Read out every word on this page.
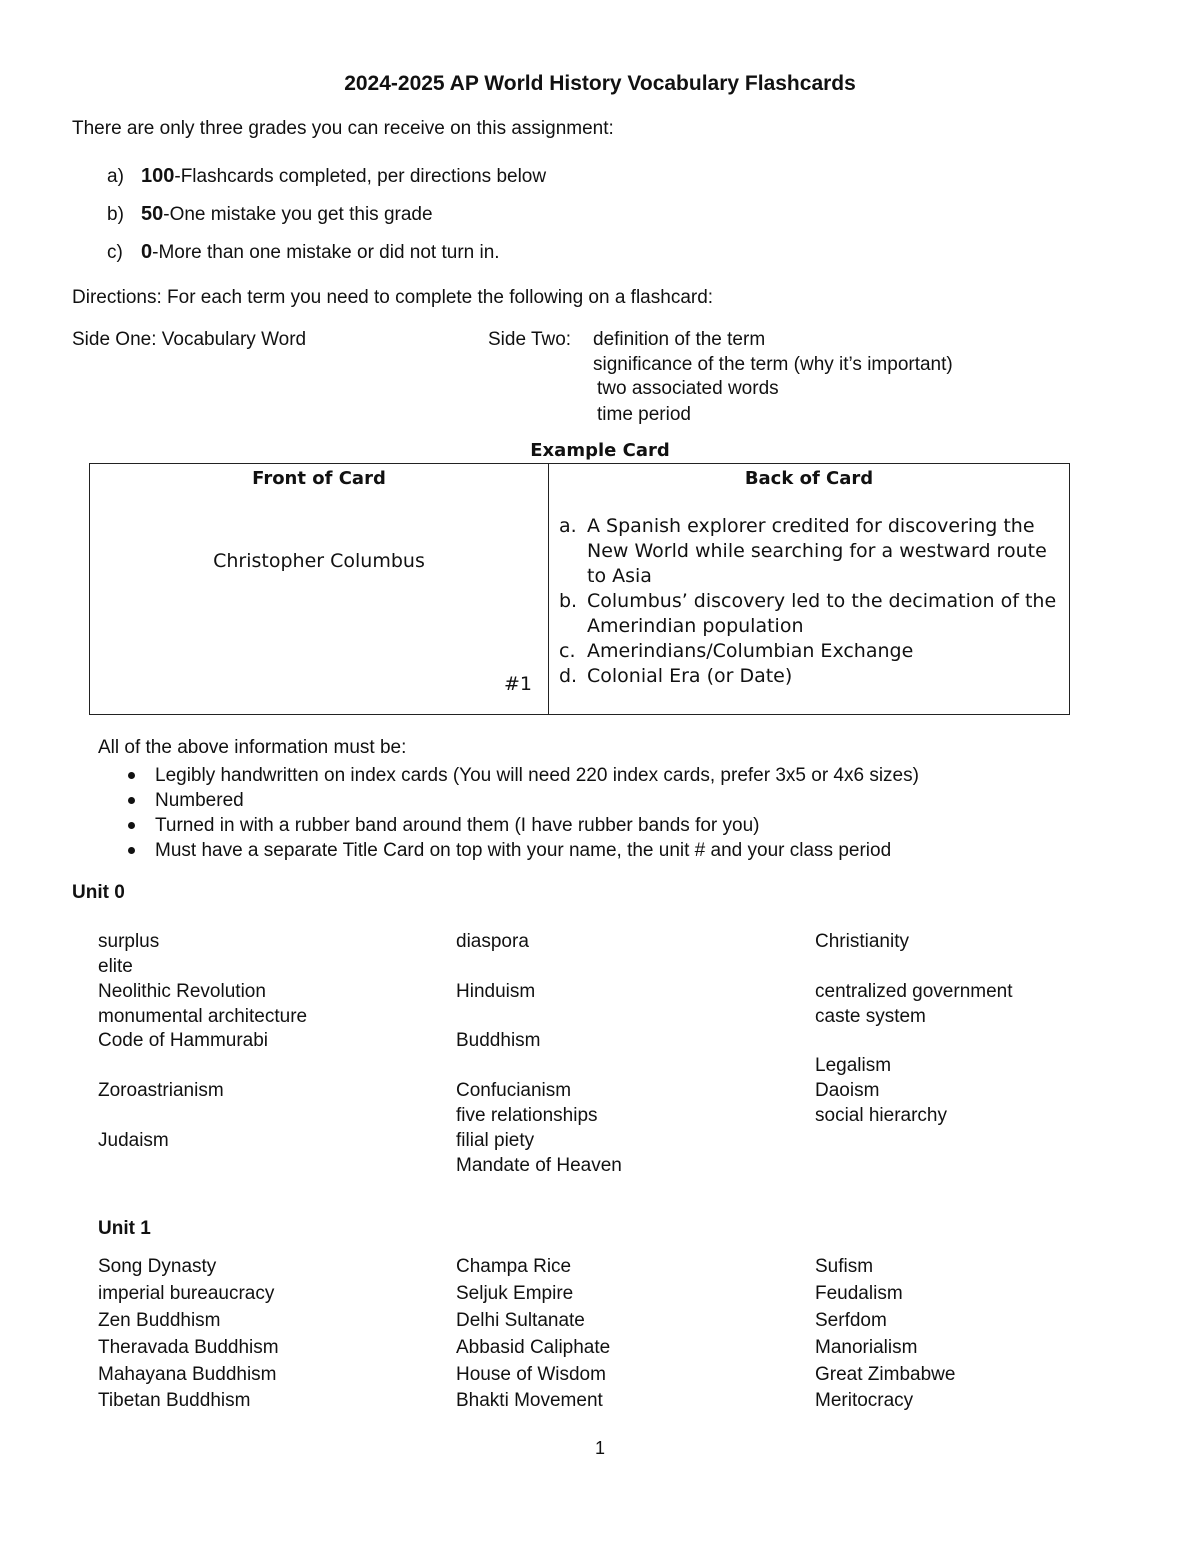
2024-2025 AP World History Vocabulary Flashcards
There are only three grades you can receive on this assignment:
a) 100-Flashcards completed, per directions below
b) 50-One mistake you get this grade
c) 0-More than one mistake or did not turn in.
Directions: For each term you need to complete the following on a flashcard:
Side One: Vocabulary Word	Side Two: definition of the term
significance of the term (why it’s important)
two associated words
time period
Example Card
Front of Card	Back of Card
Christopher Columbus
#1
a. A Spanish explorer credited for discovering the New World while searching for a westward route to Asia
b. Columbus’ discovery led to the decimation of the Amerindian population
c. Amerindians/Columbian Exchange
d. Colonial Era (or Date)
All of the above information must be:
Legibly handwritten on index cards (You will need 220 index cards, prefer 3x5 or 4x6 sizes)
Numbered
Turned in with a rubber band around them (I have rubber bands for you)
Must have a separate Title Card on top with your name, the unit # and your class period
Unit 0
surplus
elite
Neolithic Revolution
monumental architecture
Code of Hammurabi
Zoroastrianism
Judaism
diaspora
Hinduism
Buddhism
Confucianism
five relationships
filial piety
Mandate of Heaven
Christianity
centralized government
caste system
Legalism
Daoism
social hierarchy
Unit 1
Song Dynasty
imperial bureaucracy
Zen Buddhism
Theravada Buddhism
Mahayana Buddhism
Tibetan Buddhism
Champa Rice
Seljuk Empire
Delhi Sultanate
Abbasid Caliphate
House of Wisdom
Bhakti Movement
Sufism
Feudalism
Serfdom
Manorialism
Great Zimbabwe
Meritocracy
1
